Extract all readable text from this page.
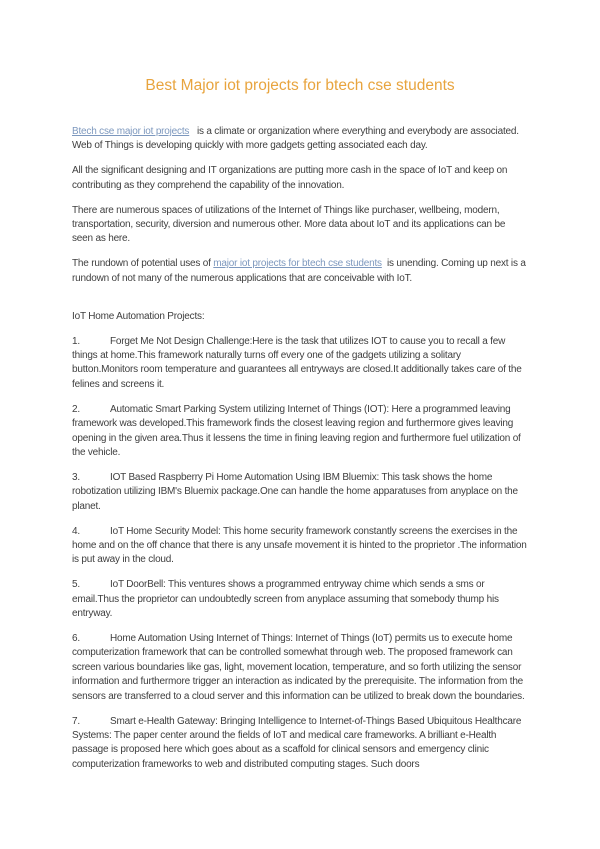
Best Major iot projects for btech cse students

Btech cse major iot projects   is a climate or organization where everything and everybody are associated. Web of Things is developing quickly with more gadgets getting associated each day.

All the significant designing and IT organizations are putting more cash in the space of IoT and keep on contributing as they comprehend the capability of the innovation.

There are numerous spaces of utilizations of the Internet of Things like purchaser, wellbeing, modern, transportation, security, diversion and numerous other. More data about IoT and its applications can be seen as here.

The rundown of potential uses of major iot projects for btech cse students  is unending. Coming up next is a rundown of not many of the numerous applications that are conceivable with IoT.

IoT Home Automation Projects:

1.	Forget Me Not Design Challenge:Here is the task that utilizes IOT to cause you to recall a few things at home.This framework naturally turns off every one of the gadgets utilizing a solitary button.Monitors room temperature and guarantees all entryways are closed.It additionally takes care of the felines and screens it.

2.	Automatic Smart Parking System utilizing Internet of Things (IOT): Here a programmed leaving framework was developed.This framework finds the closest leaving region and furthermore gives leaving opening in the given area.Thus it lessens the time in fining leaving region and furthermore fuel utilization of the vehicle.

3.	IOT Based Raspberry Pi Home Automation Using IBM Bluemix: This task shows the home robotization utilizing IBM's Bluemix package.One can handle the home apparatuses from anyplace on the planet.

4.	IoT Home Security Model: This home security framework constantly screens the exercises in the home and on the off chance that there is any unsafe movement it is hinted to the proprietor .The information is put away in the cloud.

5.	IoT DoorBell: This ventures shows a programmed entryway chime which sends a sms or email.Thus the proprietor can undoubtedly screen from anyplace assuming that somebody thump his entryway.

6.	Home Automation Using Internet of Things: Internet of Things (IoT) permits us to execute home computerization framework that can be controlled somewhat through web. The proposed framework can screen various boundaries like gas, light, movement location, temperature, and so forth utilizing the sensor information and furthermore trigger an interaction as indicated by the prerequisite. The information from the sensors are transferred to a cloud server and this information can be utilized to break down the boundaries.

7.	Smart e-Health Gateway: Bringing Intelligence to Internet-of-Things Based Ubiquitous Healthcare Systems: The paper center around the fields of IoT and medical care frameworks. A brilliant e-Health passage is proposed here which goes about as a scaffold for clinical sensors and emergency clinic computerization frameworks to web and distributed computing stages. Such doors
